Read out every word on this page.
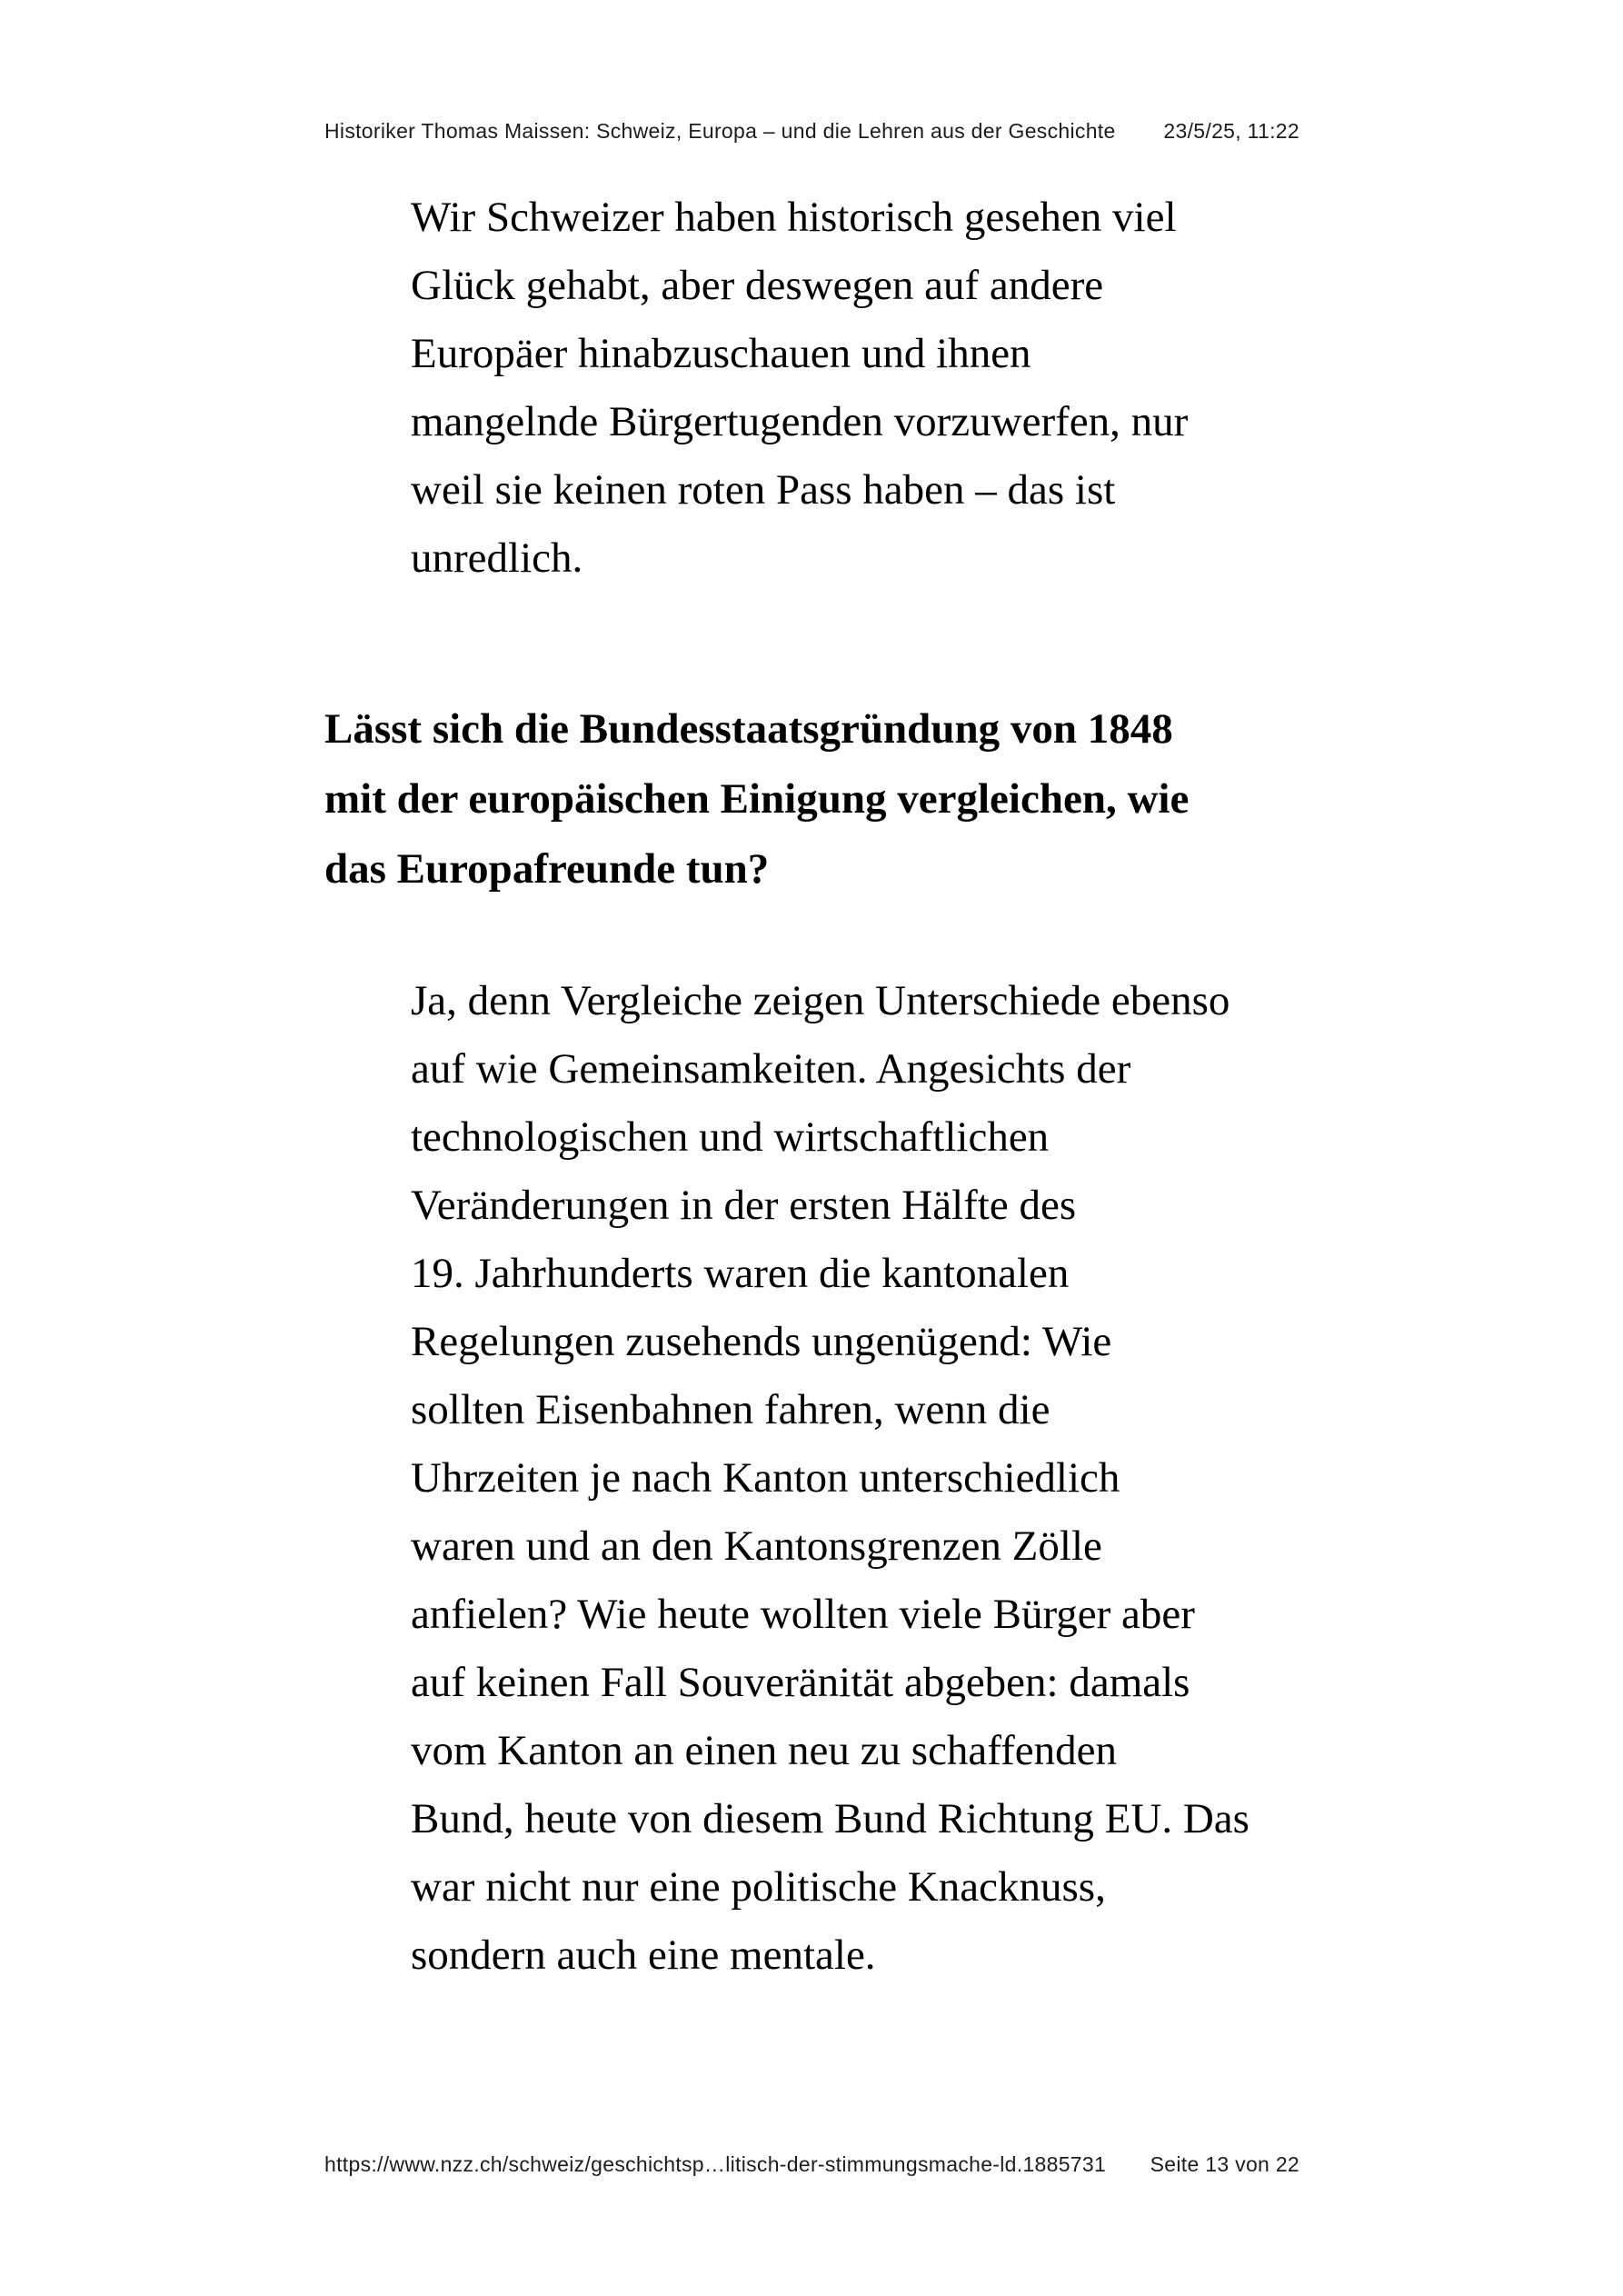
Historiker Thomas Maissen: Schweiz, Europa – und die Lehren aus der Geschichte 23/5/25, 11:22
Wir Schweizer haben historisch gesehen viel
Glück gehabt, aber deswegen auf andere
Europäer hinabzuschauen und ihnen
mangelnde Bürgertugenden vorzuwerfen, nur
weil sie keinen roten Pass haben – das ist
unredlich.
Lässt sich die Bundesstaatsgründung von 1848
mit der europäischen Einigung vergleichen, wie
das Europafreunde tun?
Ja, denn Vergleiche zeigen Unterschiede ebenso
auf wie Gemeinsamkeiten. Angesichts der
technologischen und wirtschaftlichen
Veränderungen in der ersten Hälfte des
19. Jahrhunderts waren die kantonalen
Regelungen zusehends ungenügend: Wie
sollten Eisenbahnen fahren, wenn die
Uhrzeiten je nach Kanton unterschiedlich
waren und an den Kantonsgrenzen Zölle
anfielen? Wie heute wollten viele Bürger aber
auf keinen Fall Souveränität abgeben: damals
vom Kanton an einen neu zu schaffenden
Bund, heute von diesem Bund Richtung EU. Das
war nicht nur eine politische Knacknuss,
sondern auch eine mentale.
https://www.nzz.ch/schweiz/geschichtsp…litisch-der-stimmungsmache-ld.1885731 Seite 13 von 22
